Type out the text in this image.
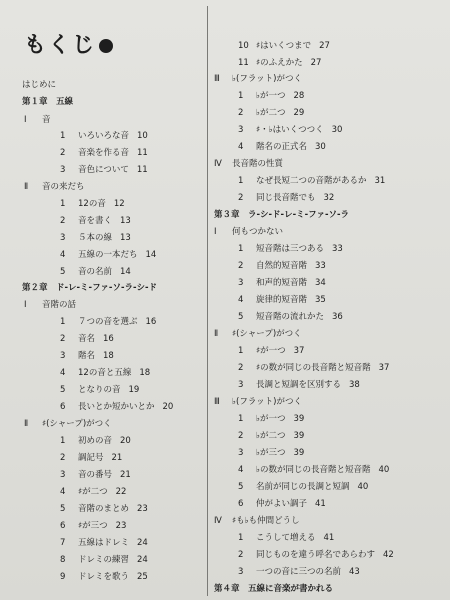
もくじ
はじめに
第１章　五線
Ⅰ 音
1 いろいろな音 10
2 音楽を作る音 11
3 音色について 11
Ⅱ 音の来だち
1 12の音 12
2 音を書く 13
3 ５本の線 13
4 五線の一本だち 14
5 音の名前 14
第２章　ド-レ-ミ-ファ-ソ-ラ-シ-ド
Ⅰ 音階の話
1 ７つの音を選ぶ 16
2 音名 16
3 階名 18
4 12の音と五線 18
5 となりの音 19
6 長いとか短かいとか 20
Ⅱ ♯(シャープ)がつく
1 初めの音 20
2 調記号 21
3 音の番号 21
4 ♯が二つ 22
5 音階のまとめ 23
6 ♯が三つ 23
7 五線はドレミ 24
8 ドレミの練習 24
9 ドレミを歌う 25
10 ♯はいくつまで 27
11 ♯のふえかた 27
Ⅲ ♭(フラット)がつく
1 ♭が一つ 28
2 ♭が二つ 29
3 ♯・♭はいくつつく 30
4 階名の正式名 30
Ⅳ 長音階の性質
1 なぜ長短二つの音階があるか 31
2 同じ長音階でも 32
第３章　ラ-シ-ド-レ-ミ-ファ-ソ-ラ
Ⅰ 何もつかない
1 短音階は三つある 33
2 自然的短音階 33
3 和声的短音階 34
4 旋律的短音階 35
5 短音階の流れかた 36
Ⅱ ♯(シャープ)がつく
1 ♯が一つ 37
2 ♯の数が同じの長音階と短音階 37
3 長調と短調を区別する 38
Ⅲ ♭(フラット)がつく
1 ♭が一つ 39
2 ♭が二つ 39
3 ♭が三つ 39
4 ♭の数が同じの長音階と短音階 40
5 名前が同じの長調と短調 40
6 仲がよい調子 41
Ⅳ ♯も♭も仲間どうし
1 こうして増える 41
2 同じものを違う呼名であらわす 42
3 一つの音に三つの名前 43
第４章　五線に音楽が書かれる
